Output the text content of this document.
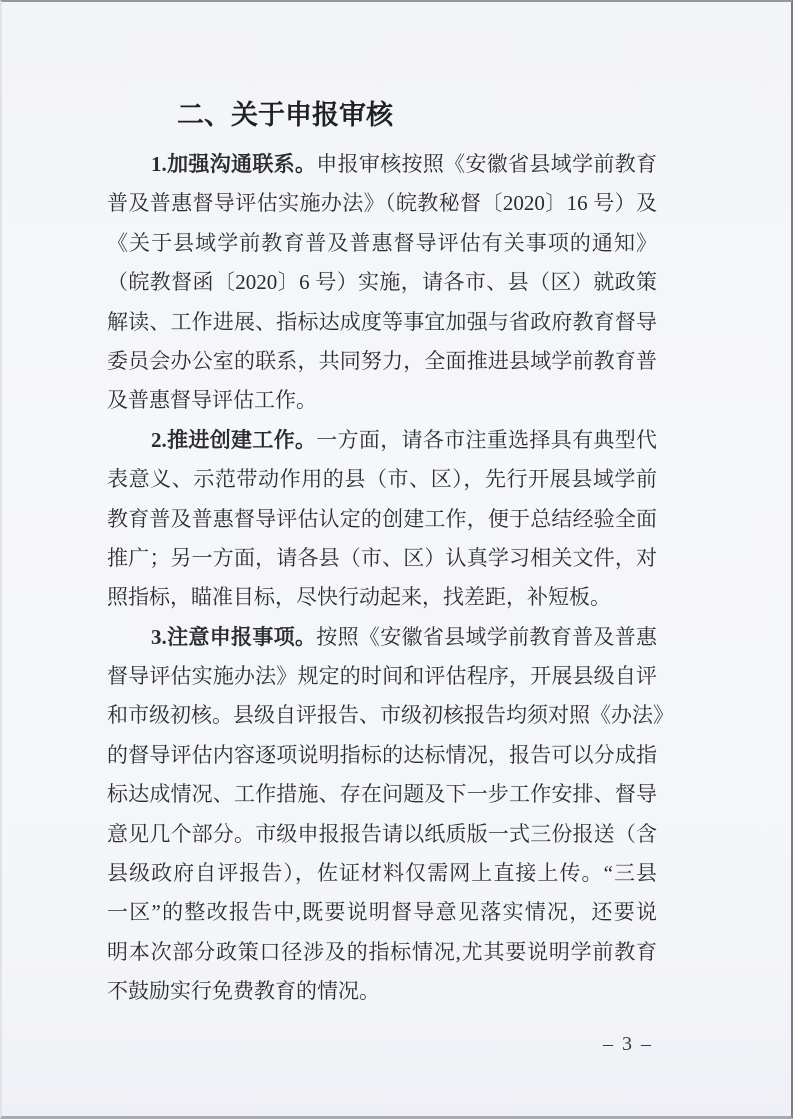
二、关于申报审核
1.加强沟通联系。申报审核按照《安徽省县域学前教育
普及普惠督导评估实施办法》（皖教秘督〔2020〕16 号）及
《关于县域学前教育普及普惠督导评估有关事项的通知》
（皖教督函〔2020〕6 号）实施，请各市、县（区）就政策
解读、工作进展、指标达成度等事宜加强与省政府教育督导
委员会办公室的联系，共同努力，全面推进县域学前教育普
及普惠督导评估工作。
2.推进创建工作。一方面，请各市注重选择具有典型代
表意义、示范带动作用的县（市、区），先行开展县域学前
教育普及普惠督导评估认定的创建工作，便于总结经验全面
推广；另一方面，请各县（市、区）认真学习相关文件，对
照指标，瞄准目标，尽快行动起来，找差距，补短板。
3.注意申报事项。按照《安徽省县域学前教育普及普惠
督导评估实施办法》规定的时间和评估程序，开展县级自评
和市级初核。县级自评报告、市级初核报告均须对照《办法》
的督导评估内容逐项说明指标的达标情况，报告可以分成指
标达成情况、工作措施、存在问题及下一步工作安排、督导
意见几个部分。市级申报报告请以纸质版一式三份报送（含
县级政府自评报告），佐证材料仅需网上直接上传。“三县
一区”的整改报告中,既要说明督导意见落实情况，还要说
明本次部分政策口径涉及的指标情况,尤其要说明学前教育
不鼓励实行免费教育的情况。
– 3 –
